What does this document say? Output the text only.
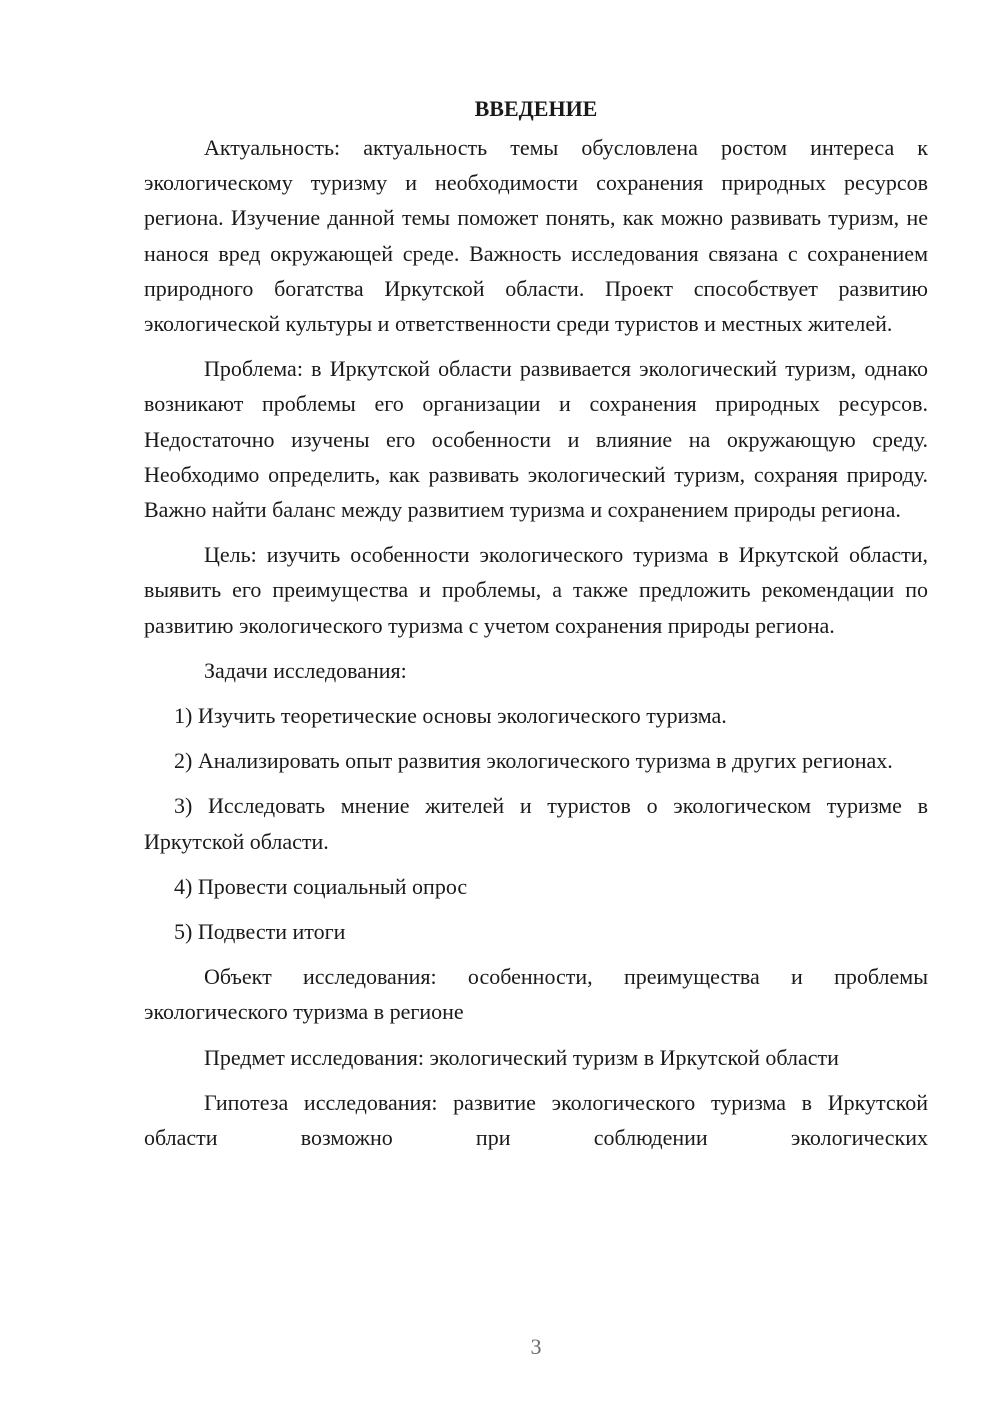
ВВЕДЕНИЕ

Актуальность: актуальность темы обусловлена ростом интереса к экологическому туризму и необходимости сохранения природных ресурсов региона. Изучение данной темы поможет понять, как можно развивать туризм, не нанося вред окружающей среде. Важность исследования связана с сохранением природного богатства Иркутской области. Проект способствует развитию экологической культуры и ответственности среди туристов и местных жителей.

Проблема: в Иркутской области развивается экологический туризм, однако возникают проблемы его организации и сохранения природных ресурсов. Недостаточно изучены его особенности и влияние на окружающую среду. Необходимо определить, как развивать экологический туризм, сохраняя природу. Важно найти баланс между развитием туризма и сохранением природы региона.

Цель: изучить особенности экологического туризма в Иркутской области, выявить его преимущества и проблемы, а также предложить рекомендации по развитию экологического туризма с учетом сохранения природы региона.

Задачи исследования:

1) Изучить теоретические основы экологического туризма.

2) Анализировать опыт развития экологического туризма в других регионах.

3) Исследовать мнение жителей и туристов о экологическом туризме в Иркутской области.

4) Провести социальный опрос

5) Подвести итоги

Объект исследования: особенности, преимущества и проблемы экологического туризма в регионе

Предмет исследования: экологический туризм в Иркутской области

Гипотеза исследования: развитие экологического туризма в Иркутской области возможно при соблюдении экологических

3
